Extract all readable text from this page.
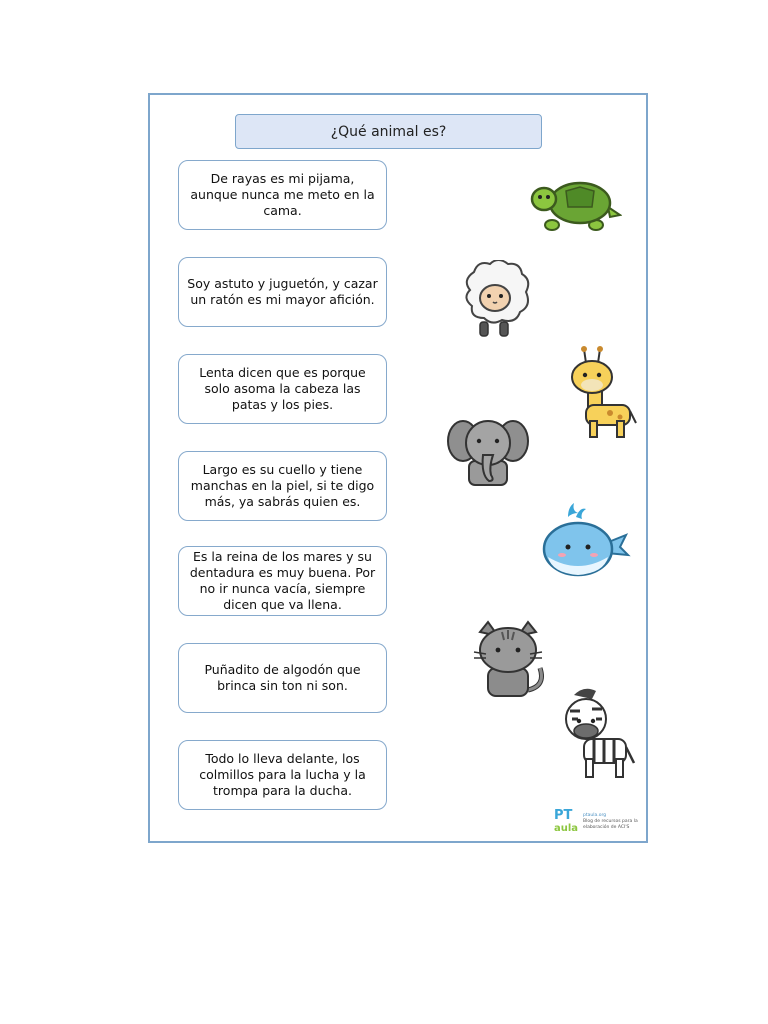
¿Qué animal es?
De rayas es mi pijama, aunque nunca me meto en la cama.
Soy astuto y juguetón, y cazar un ratón es mi mayor afición.
Lenta dicen que es porque solo asoma la cabeza las patas y los pies.
Largo es su cuello y tiene manchas en la piel, si te digo más, ya sabrás quien es.
Es la reina de los mares y su dentadura es muy buena. Por no ir nunca vacía, siempre dicen que va llena.
Puñadito de algodón que brinca sin ton ni son.
Todo lo lleva delante, los colmillos para la lucha y la trompa para la ducha.
PT
aula
ptaula.org
Blog de recursos para la
elaboración de ACI'S
